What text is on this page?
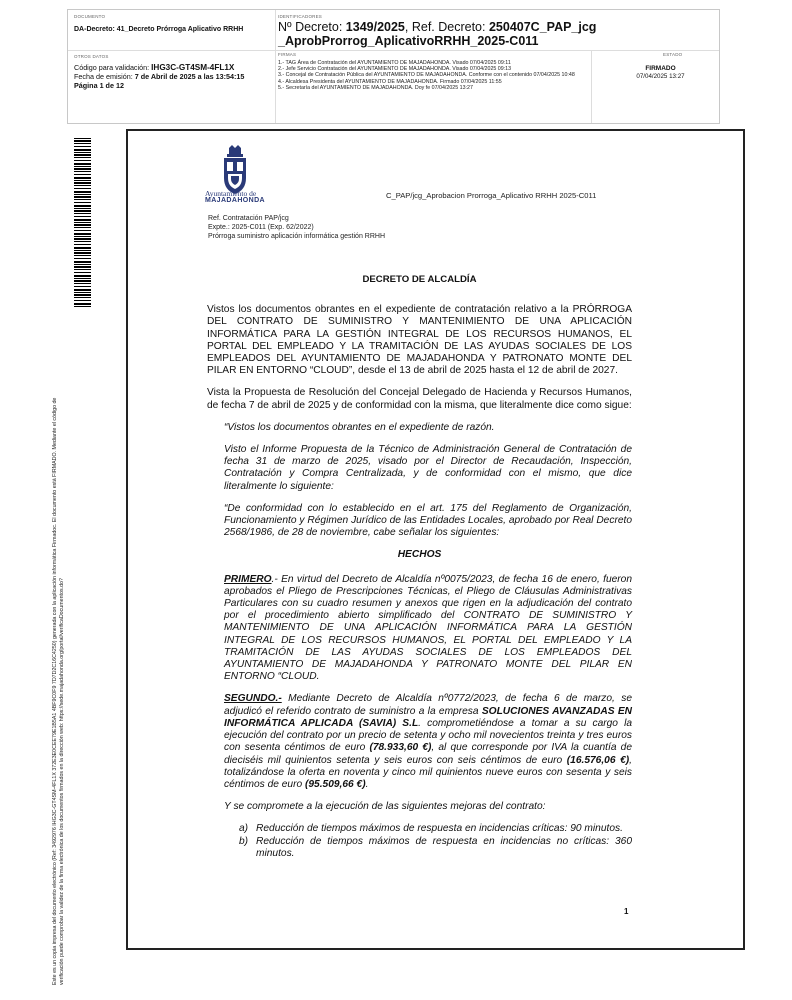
DOCUMENTO
DA-Decreto: 41_Decreto Prórroga Aplicativo RRHH
IDENTIFICADORES
Nº Decreto: 1349/2025, Ref. Decreto: 250407C_PAP_jcg _AprobProrrog_AplicativoRRHH_2025-C011
OTROS DATOS
Código para validación: IHG3C-GT4SM-4FL1X
Fecha de emisión: 7 de Abril de 2025 a las 13:54:15
Página 1 de 12
FIRMAS
1.- TAG Área de Contratación del AYUNTAMIENTO DE MAJADAHONDA. Visado 07/04/2025 09:11
2.- Jefe Servicio Contratación del AYUNTAMIENTO DE MAJADAHONDA. Visado 07/04/2025 09:13
3.- Concejal de Contratación Pública del AYUNTAMIENTO DE MAJADAHONDA. Conforme con el contenido 07/04/2025 10:48
4.- Alcaldesa Presidenta del AYUNTAMIENTO DE MAJADAHONDA. Firmado 07/04/2025 11:55
5.- Secretaría del AYUNTAMIENTO DE MAJADAHONDA. Doy fe 07/04/2025 13:27
ESTADO
FIRMADO
07/04/2025 13:27
Este es un copia impresa del documento electrónico (Ref: 3492976 IHG3C-GT4SM-4FL1X 372E3E0CEE79E1B5A1 4BF9C0F9 7D7D2C16C4250) generada con la aplicación informática Firmadoc. El documento está FIRMADO. Mediante el código de verificación puede comprobar la validez de la firma electrónica de los documentos firmados en la dirección web: https://sede.majadahonda.org/portal/verificaDocumentos.do?
Ayuntamiento de
MAJADAHONDA
C_PAP/jcg_Aprobacion Prorroga_Aplicativo RRHH 2025-C011
Ref. Contratación PAP/jcg
Expte.: 2025-C011 (Exp. 62/2022)
Prórroga suministro aplicación informática gestión RRHH
DECRETO DE ALCALDÍA
Vistos los documentos obrantes en el expediente de contratación relativo a la PRÓRROGA DEL CONTRATO DE SUMINISTRO Y MANTENIMIENTO DE UNA APLICACIÓN INFORMÁTICA PARA LA GESTIÓN INTEGRAL DE LOS RECURSOS HUMANOS, EL PORTAL DEL EMPLEADO Y LA TRAMITACIÓN DE LAS AYUDAS SOCIALES DE LOS EMPLEADOS DEL AYUNTAMIENTO DE MAJADAHONDA Y PATRONATO MONTE DEL PILAR EN ENTORNO “CLOUD”, desde el 13 de abril de 2025 hasta el 12 de abril de 2027.
Vista la Propuesta de Resolución del Concejal Delegado de Hacienda y Recursos Humanos, de fecha 7 de abril de 2025 y de conformidad con la misma, que literalmente dice como sigue:
“Vistos los documentos obrantes en el expediente de razón.
Visto el Informe Propuesta de la Técnico de Administración General de Contratación de fecha 31 de marzo de 2025, visado por el Director de Recaudación, Inspección, Contratación y Compra Centralizada, y de conformidad con el mismo, que dice literalmente lo siguiente:
“De conformidad con lo establecido en el art. 175 del Reglamento de Organización, Funcionamiento y Régimen Jurídico de las Entidades Locales, aprobado por Real Decreto 2568/1986, de 28 de noviembre, cabe señalar los siguientes:
HECHOS
PRIMERO.- En virtud del Decreto de Alcaldía nº0075/2023, de fecha 16 de enero, fueron aprobados el Pliego de Prescripciones Técnicas, el Pliego de Cláusulas Administrativas Particulares con su cuadro resumen y anexos que rigen en la adjudicación del contrato por el procedimiento abierto simplificado del CONTRATO DE SUMINISTRO Y MANTENIMIENTO DE UNA APLICACIÓN INFORMÁTICA PARA LA GESTIÓN INTEGRAL DE LOS RECURSOS HUMANOS, EL PORTAL DEL EMPLEADO Y LA TRAMITACIÓN DE LAS AYUDAS SOCIALES DE LOS EMPLEADOS DEL AYUNTAMIENTO DE MAJADAHONDA Y PATRONATO MONTE DEL PILAR EN ENTORNO “CLOUD.
SEGUNDO.- Mediante Decreto de Alcaldía nº0772/2023, de fecha 6 de marzo, se adjudicó el referido contrato de suministro a la empresa SOLUCIONES AVANZADAS EN INFORMÁTICA APLICADA (SAVIA) S.L. comprometiéndose a tomar a su cargo la ejecución del contrato por un precio de setenta y ocho mil novecientos treinta y tres euros con sesenta céntimos de euro (78.933,60 €), al que corresponde por IVA la cuantía de dieciséis mil quinientos setenta y seis euros con seis céntimos de euro (16.576,06 €), totalizándose la oferta en noventa y cinco mil quinientos nueve euros con sesenta y seis céntimos de euro (95.509,66 €).
Y se compromete a la ejecución de las siguientes mejoras del contrato:
a) Reducción de tiempos máximos de respuesta en incidencias críticas: 90 minutos.
b) Reducción de tiempos máximos de respuesta en incidencias no críticas: 360 minutos.
1
